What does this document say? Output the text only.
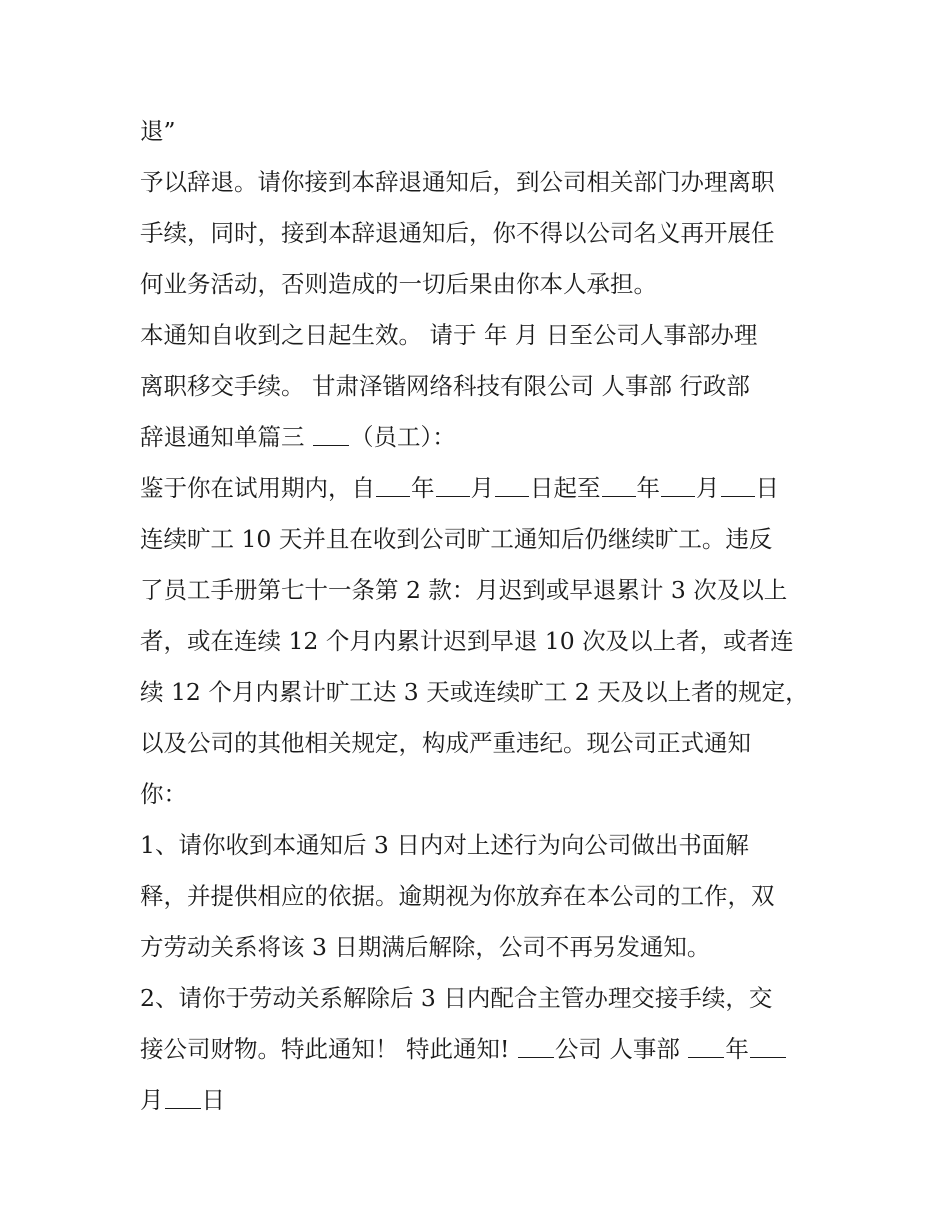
退”
予以辞退。请你接到本辞退通知后，到公司相关部门办理离职
手续，同时，接到本辞退通知后，你不得以公司名义再开展任
何业务活动，否则造成的一切后果由你本人承担。
本通知自收到之日起生效。 请于 年 月 日至公司人事部办理
离职移交手续。 甘肃泽锴网络科技有限公司 人事部 行政部
辞退通知单篇三 （员工）：
鉴于你在试用期内，自 年 月 日起至 年 月 日
连续旷工 10 天并且在收到公司旷工通知后仍继续旷工。违反
了员工手册第七十一条第 2 款：月迟到或早退累计 3 次及以上
者，或在连续 12 个月内累计迟到早退 10 次及以上者，或者连
续 12 个月内累计旷工达 3 天或连续旷工 2 天及以上者的规定，
以及公司的其他相关规定，构成严重违纪。现公司正式通知
你：
1、请你收到本通知后 3 日内对上述行为向公司做出书面解
释，并提供相应的依据。逾期视为你放弃在本公司的工作，双
方劳动关系将该 3 日期满后解除，公司不再另发通知。
2、请你于劳动关系解除后 3 日内配合主管办理交接手续，交
接公司财物。特此通知！ 特此通知! 公司 人事部 年
月 日
